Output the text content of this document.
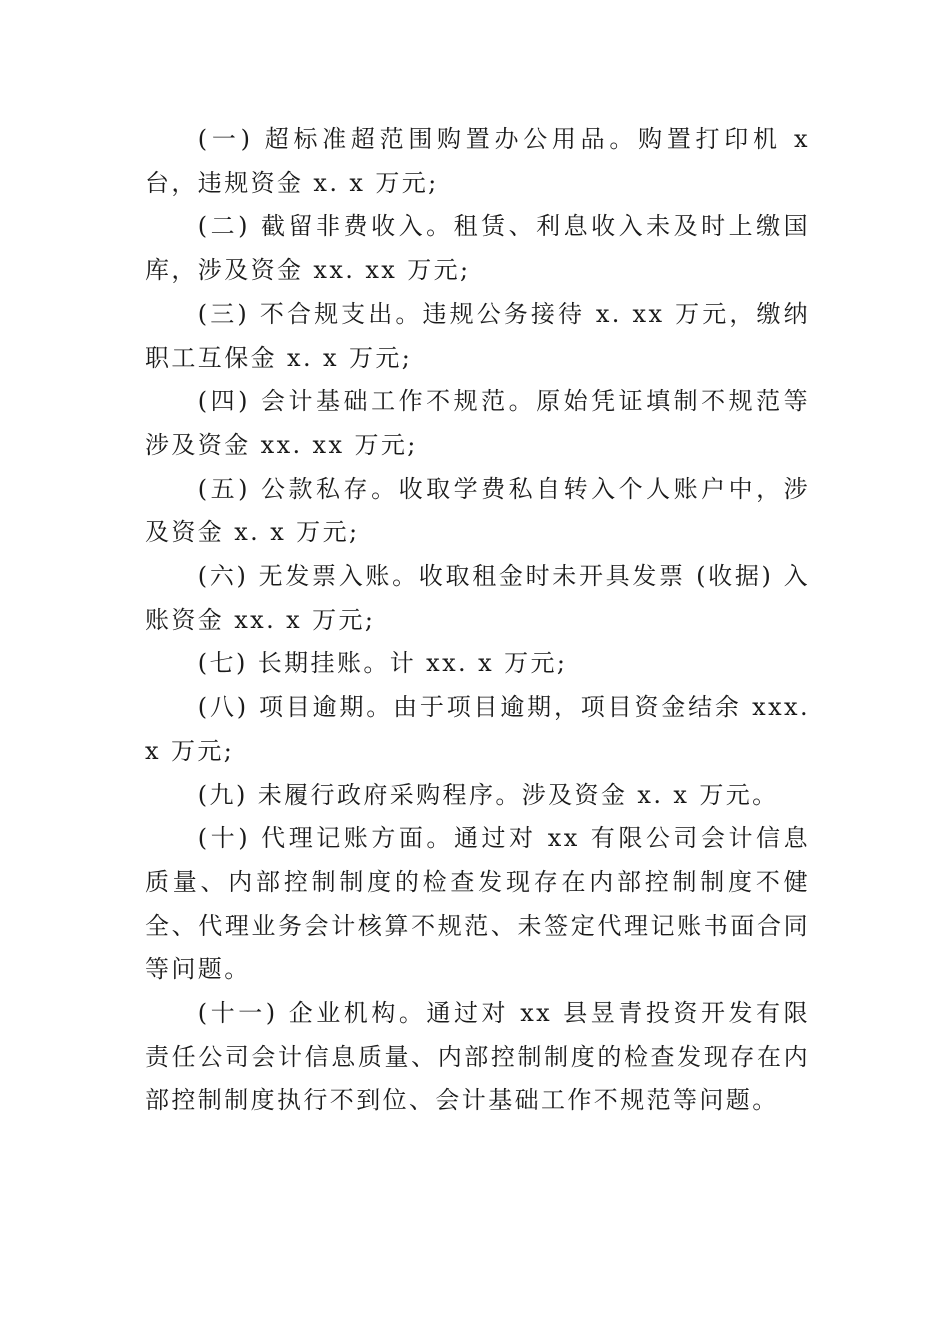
(一) 超标准超范围购置办公用品。购置打印机 x 台，违规资金 x. x 万元;

(二) 截留非费收入。租赁、利息收入未及时上缴国库，涉及资金 xx. xx 万元;

(三) 不合规支出。违规公务接待 x. xx 万元，缴纳职工互保金 x. x 万元;

(四) 会计基础工作不规范。原始凭证填制不规范等涉及资金 xx. xx 万元;

(五) 公款私存。收取学费私自转入个人账户中，涉及资金 x. x 万元;

(六) 无发票入账。收取租金时未开具发票 (收据) 入账资金 xx. x 万元;

(七) 长期挂账。计 xx. x 万元;

(八) 项目逾期。由于项目逾期，项目资金结余 xxx. x 万元;

(九) 未履行政府采购程序。涉及资金 x. x 万元。

(十) 代理记账方面。通过对 xx 有限公司会计信息质量、内部控制制度的检查发现存在内部控制制度不健全、代理业务会计核算不规范、未签定代理记账书面合同等问题。

(十一) 企业机构。通过对 xx 县昱青投资开发有限责任公司会计信息质量、内部控制制度的检查发现存在内部控制制度执行不到位、会计基础工作不规范等问题。
